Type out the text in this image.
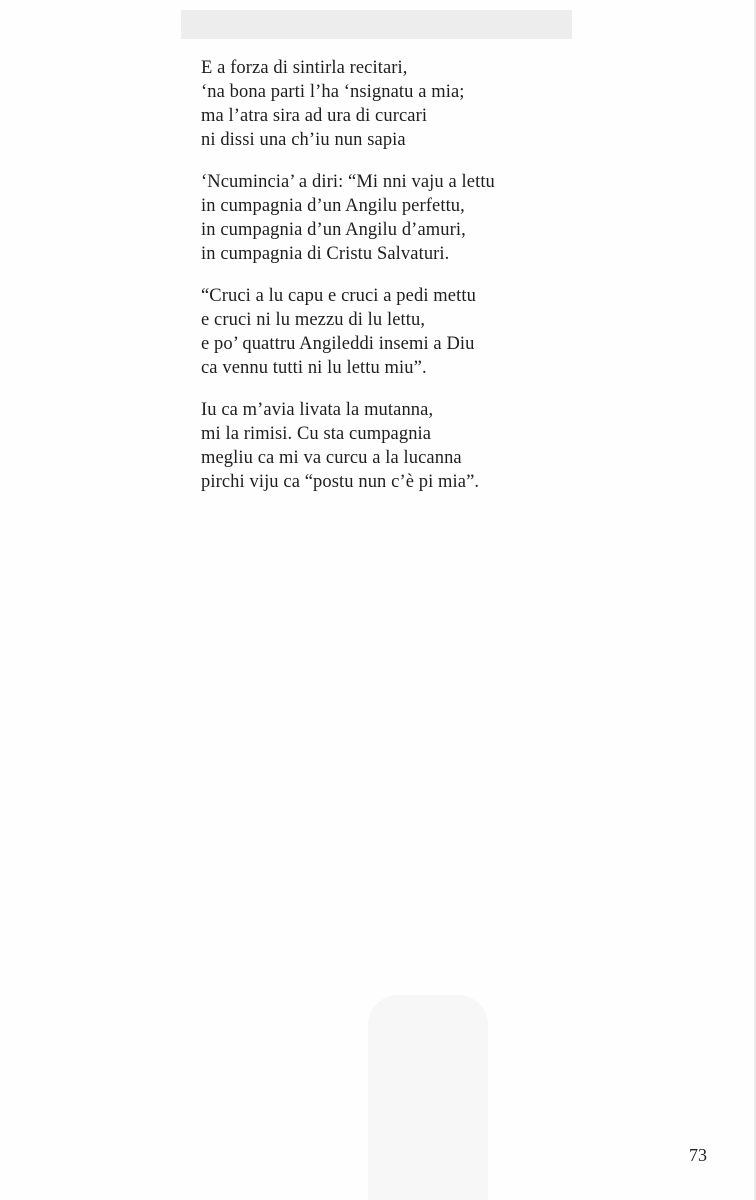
E a forza di sintirla recitari,
‘na bona parti l’ha ‘nsignatu a mia;
ma l’atra sira ad ura di curcari
ni dissi una ch’iu nun sapia
‘Ncumincia’ a diri: “Mi nni vaju a lettu
in cumpagnia d’un Angilu perfettu,
in cumpagnia d’un Angilu d’amuri,
in cumpagnia di Cristu Salvaturi.
“Cruci a lu capu e cruci a pedi mettu
e cruci ni lu mezzu di lu lettu,
e po’ quattru Angileddi insemi a Diu
ca vennu tutti ni lu lettu miu”.
Iu ca m’avia livata la mutanna,
mi la rimisi. Cu sta cumpagnia
megliu ca mi va curcu a la lucanna
pirchi viju ca “postu nun c’è pi mia”.
73
